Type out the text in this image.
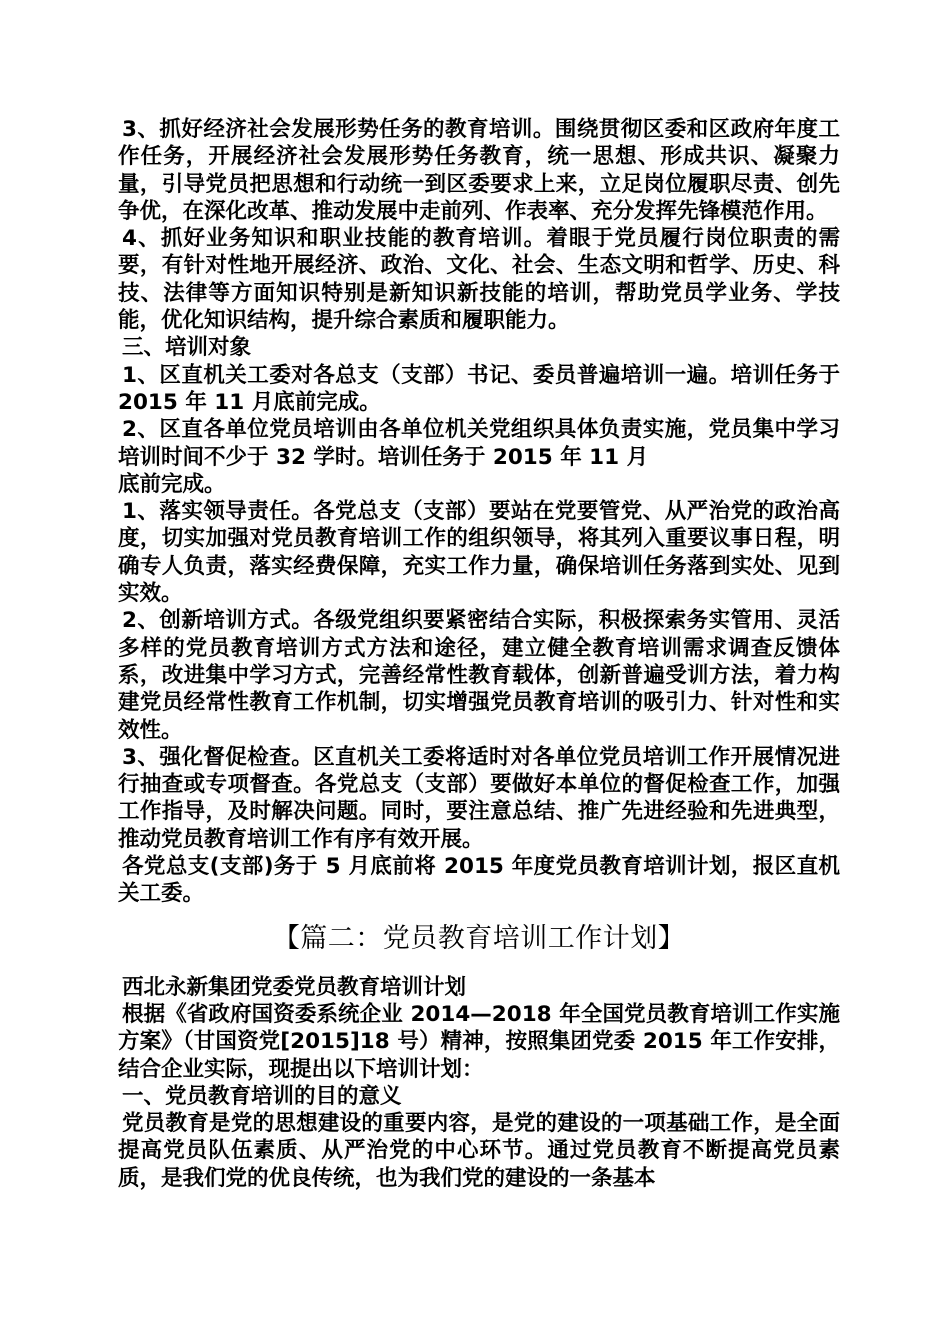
3、抓好经济社会发展形势任务的教育培训。围绕贯彻区委和区政府年度工作任务，开展经济社会发展形势任务教育，统一思想、形成共识、凝聚力量，引导党员把思想和行动统一到区委要求上来，立足岗位履职尽责、创先争优，在深化改革、推动发展中走前列、作表率、充分发挥先锋模范作用。

4、抓好业务知识和职业技能的教育培训。着眼于党员履行岗位职责的需要，有针对性地开展经济、政治、文化、社会、生态文明和哲学、历史、科技、法律等方面知识特别是新知识新技能的培训，帮助党员学业务、学技能，优化知识结构，提升综合素质和履职能力。

三、培训对象

1、区直机关工委对各总支（支部）书记、委员普遍培训一遍。培训任务于 2015 年 11 月底前完成。

2、区直各单位党员培训由各单位机关党组织具体负责实施，党员集中学习培训时间不少于 32 学时。培训任务于 2015 年 11 月

底前完成。

1、落实领导责任。各党总支（支部）要站在党要管党、从严治党的政治高度，切实加强对党员教育培训工作的组织领导，将其列入重要议事日程，明确专人负责，落实经费保障，充实工作力量，确保培训任务落到实处、见到实效。

2、创新培训方式。各级党组织要紧密结合实际，积极探索务实管用、灵活多样的党员教育培训方式方法和途径，建立健全教育培训需求调查反馈体系，改进集中学习方式，完善经常性教育载体，创新普遍受训方法，着力构建党员经常性教育工作机制，切实增强党员教育培训的吸引力、针对性和实效性。

3、强化督促检查。区直机关工委将适时对各单位党员培训工作开展情况进行抽查或专项督查。各党总支（支部）要做好本单位的督促检查工作，加强工作指导，及时解决问题。同时，要注意总结、推广先进经验和先进典型，推动党员教育培训工作有序有效开展。

各党总支(支部)务于 5 月底前将 2015 年度党员教育培训计划，报区直机关工委。

【篇二：党员教育培训工作计划】

西北永新集团党委党员教育培训计划

根据《省政府国资委系统企业 2014—2018 年全国党员教育培训工作实施方案》（甘国资党[2015]18 号）精神，按照集团党委 2015 年工作安排，结合企业实际，现提出以下培训计划：

一、党员教育培训的目的意义

党员教育是党的思想建设的重要内容，是党的建设的一项基础工作，是全面提高党员队伍素质、从严治党的中心环节。通过党员教育不断提高党员素质，是我们党的优良传统，也为我们党的建设的一条基本
